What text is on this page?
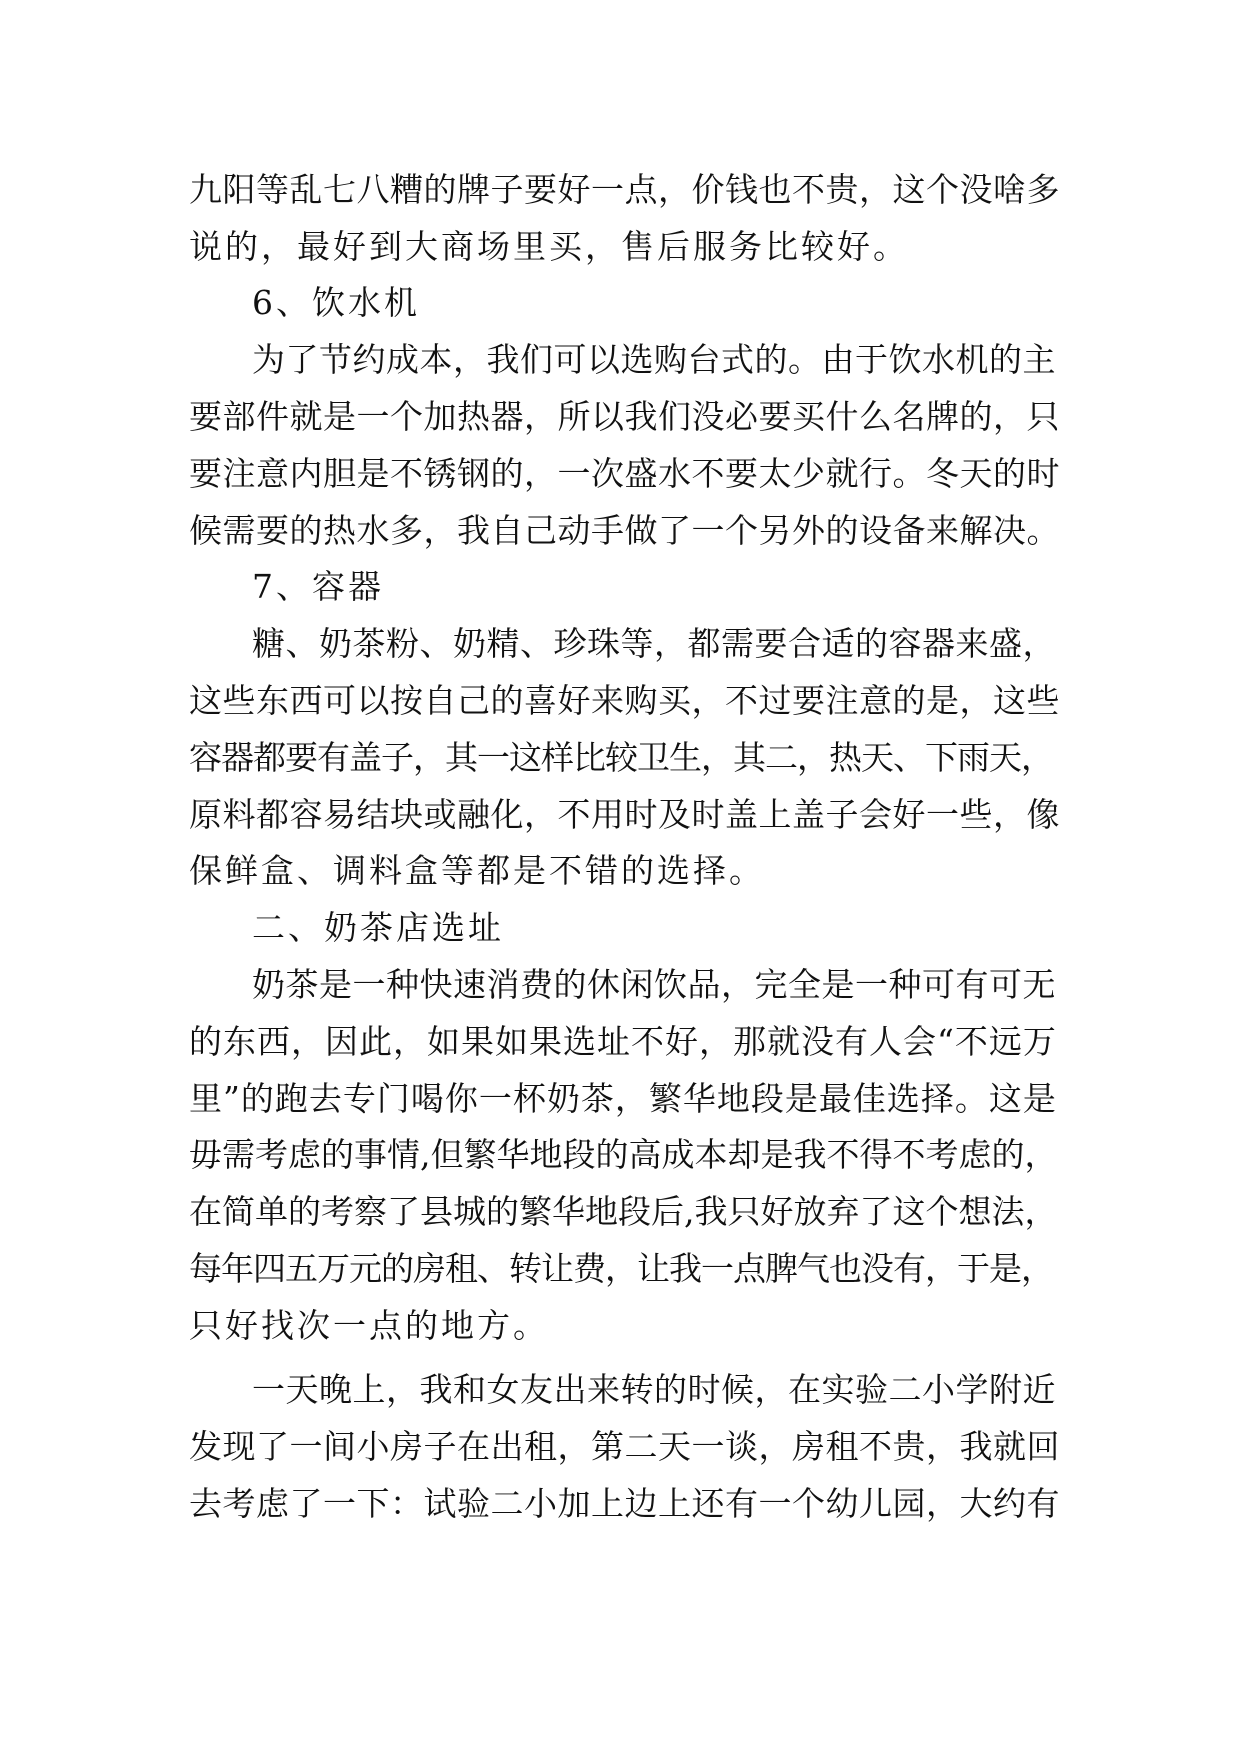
九阳等乱七八糟的牌子要好一点，价钱也不贵，这个没啥多
说的，最好到大商场里买，售后服务比较好。
6、饮水机
为了节约成本，我们可以选购台式的。由于饮水机的主
要部件就是一个加热器，所以我们没必要买什么名牌的，只
要注意内胆是不锈钢的，一次盛水不要太少就行。冬天的时
候需要的热水多，我自己动手做了一个另外的设备来解决。
7、容器
糖、奶茶粉、奶精、珍珠等，都需要合适的容器来盛，
这些东西可以按自己的喜好来购买，不过要注意的是，这些
容器都要有盖子，其一这样比较卫生，其二，热天、下雨天，
原料都容易结块或融化，不用时及时盖上盖子会好一些，像
保鲜盒、调料盒等都是不错的选择。
二、奶茶店选址
奶茶是一种快速消费的休闲饮品，完全是一种可有可无
的东西，因此，如果如果选址不好，那就没有人会“不远万
里”的跑去专门喝你一杯奶茶，繁华地段是最佳选择。这是
毋需考虑的事情,但繁华地段的高成本却是我不得不考虑的，
在简单的考察了县城的繁华地段后,我只好放弃了这个想法，
每年四五万元的房租、转让费，让我一点脾气也没有，于是，
只好找次一点的地方。
一天晚上，我和女友出来转的时候，在实验二小学附近
发现了一间小房子在出租，第二天一谈，房租不贵，我就回
去考虑了一下：试验二小加上边上还有一个幼儿园，大约有
